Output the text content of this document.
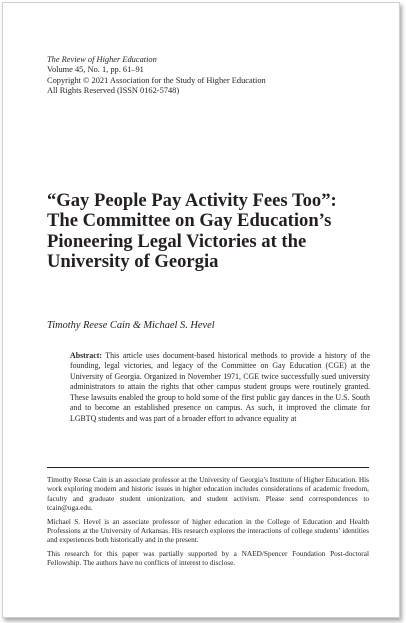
The Review of Higher Education
Volume 45, No. 1, pp. 61–91
Copyright © 2021 Association for the Study of Higher Education
All Rights Reserved (ISSN 0162-5748)
“Gay People Pay Activity Fees Too”: The Committee on Gay Education’s Pioneering Legal Victories at the University of Georgia
Timothy Reese Cain & Michael S. Hevel
Abstract: This article uses document-based historical methods to provide a history of the founding, legal victories, and legacy of the Committee on Gay Education (CGE) at the University of Georgia. Organized in November 1971, CGE twice successfully sued university administrators to attain the rights that other campus student groups were routinely granted. These lawsuits enabled the group to hold some of the first public gay dances in the U.S. South and to become an established presence on campus. As such, it improved the climate for LGBTQ students and was part of a broader effort to advance equality at

Timothy Reese Cain is an associate professor at the University of Georgia’s Institute of Higher Education. His work exploring modern and historic issues in higher education includes considerations of academic freedom, faculty and graduate student unionization, and student activism. Please send correspondences to tcain@uga.edu.

Michael S. Hevel is an associate professor of higher education in the College of Education and Health Professions at the University of Arkansas. His research explores the interactions of college students’ identities and experiences both historically and in the present.

This research for this paper was partially supported by a NAED/Spencer Foundation Post-doctoral Fellowship. The authors have no conflicts of interest to disclose.
